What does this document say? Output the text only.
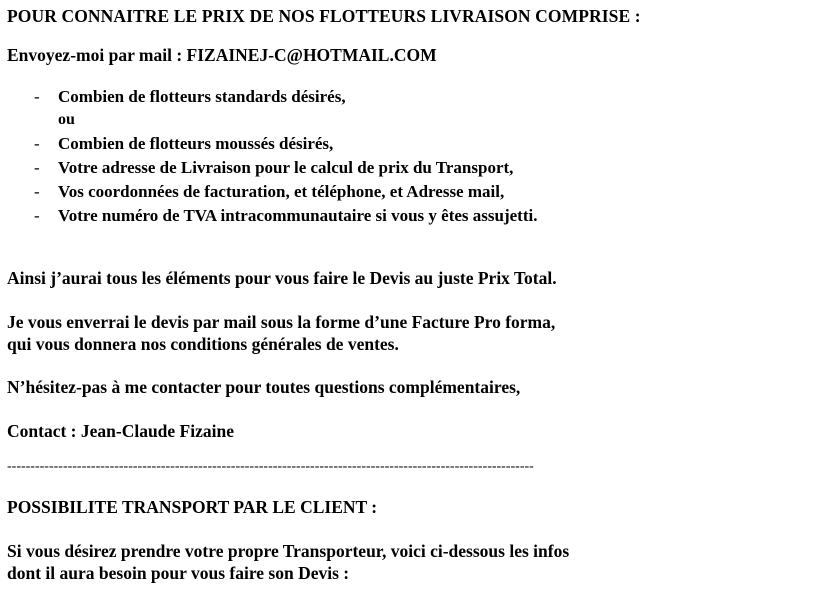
POUR CONNAITRE LE PRIX DE NOS FLOTTEURS LIVRAISON COMPRISE :
Envoyez-moi par mail : FIZAINEJ-C@HOTMAIL.COM
-	Combien de flotteurs standards désirés,
ou
-	Combien de flotteurs moussés désirés,
-	Votre adresse de Livraison pour le calcul de prix du Transport,
-	Vos coordonnées de facturation, et téléphone, et Adresse mail,
-	Votre numéro de TVA intracommunautaire si vous y êtes assujetti.
Ainsi j’aurai tous les éléments pour vous faire le Devis au juste Prix Total.
Je vous enverrai le devis par mail sous la forme d’une Facture Pro forma,
qui vous donnera nos conditions générales de ventes.
N’hésitez-pas à me contacter pour toutes questions complémentaires,
Contact : Jean-Claude Fizaine
-----------------------------------------------------------------------------------------------------------------
POSSIBILITE TRANSPORT PAR LE CLIENT :
Si vous désirez prendre votre propre Transporteur, voici ci-dessous les infos
dont il aura besoin pour vous faire son Devis :
